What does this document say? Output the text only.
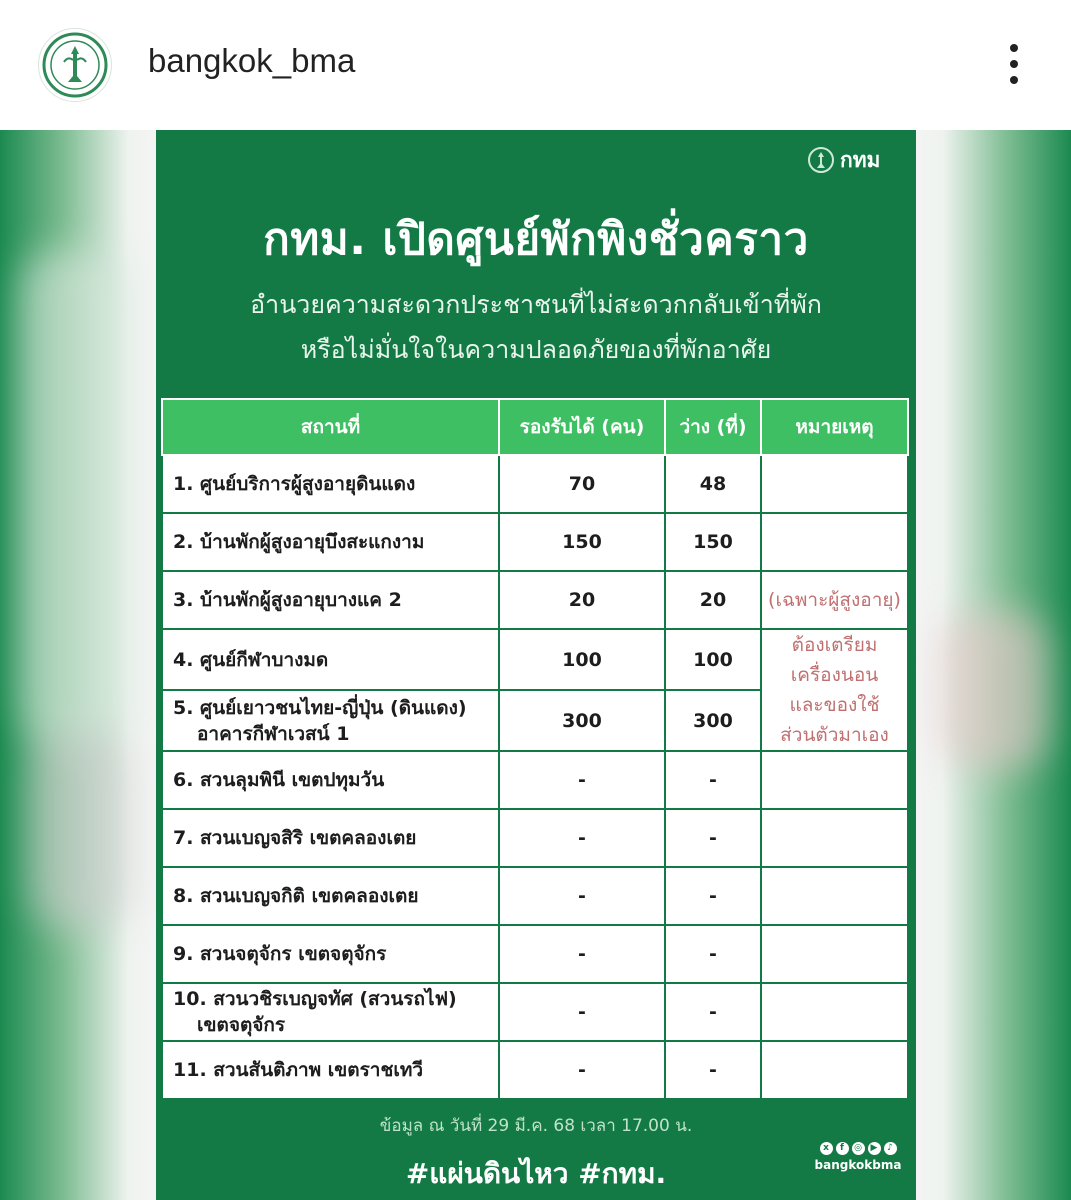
bangkok_bma
กทม
กทม. เปิดศูนย์พักพิงชั่วคราว
อำนวยความสะดวกประชาชนที่ไม่สะดวกกลับเข้าที่พัก
หรือไม่มั่นใจในความปลอดภัยของที่พักอาศัย
สถานที่	รองรับได้ (คน)	ว่าง (ที่)	หมายเหตุ
1. ศูนย์บริการผู้สูงอายุดินแดง	70	48	
2. บ้านพักผู้สูงอายุบึงสะแกงาม	150	150	
3. บ้านพักผู้สูงอายุบางแค 2	20	20	(เฉพาะผู้สูงอายุ)
4. ศูนย์กีฬาบางมด	100	100	ต้องเตรียม
เครื่องนอน
และของใช้
ส่วนตัวมาเอง
5. ศูนย์เยาวชนไทย-ญี่ปุ่น (ดินแดง)
อาคารกีฬาเวสน์ 1	300	300	
6. สวนลุมพินี เขตปทุมวัน	-	-	
7. สวนเบญจสิริ เขตคลองเตย	-	-	
8. สวนเบญจกิติ เขตคลองเตย	-	-	
9. สวนจตุจักร เขตจตุจักร	-	-	
10. สวนวชิรเบญจทัศ (สวนรถไฟ)
เขตจตุจักร	-	-	
11. สวนสันติภาพ เขตราชเทวี	-	-	
ข้อมูล ณ วันที่ 29 มี.ค. 68 เวลา 17.00 น.
#แผ่นดินไหว #กทม.
x	f	◎ ▶	♪
bangkokbma
